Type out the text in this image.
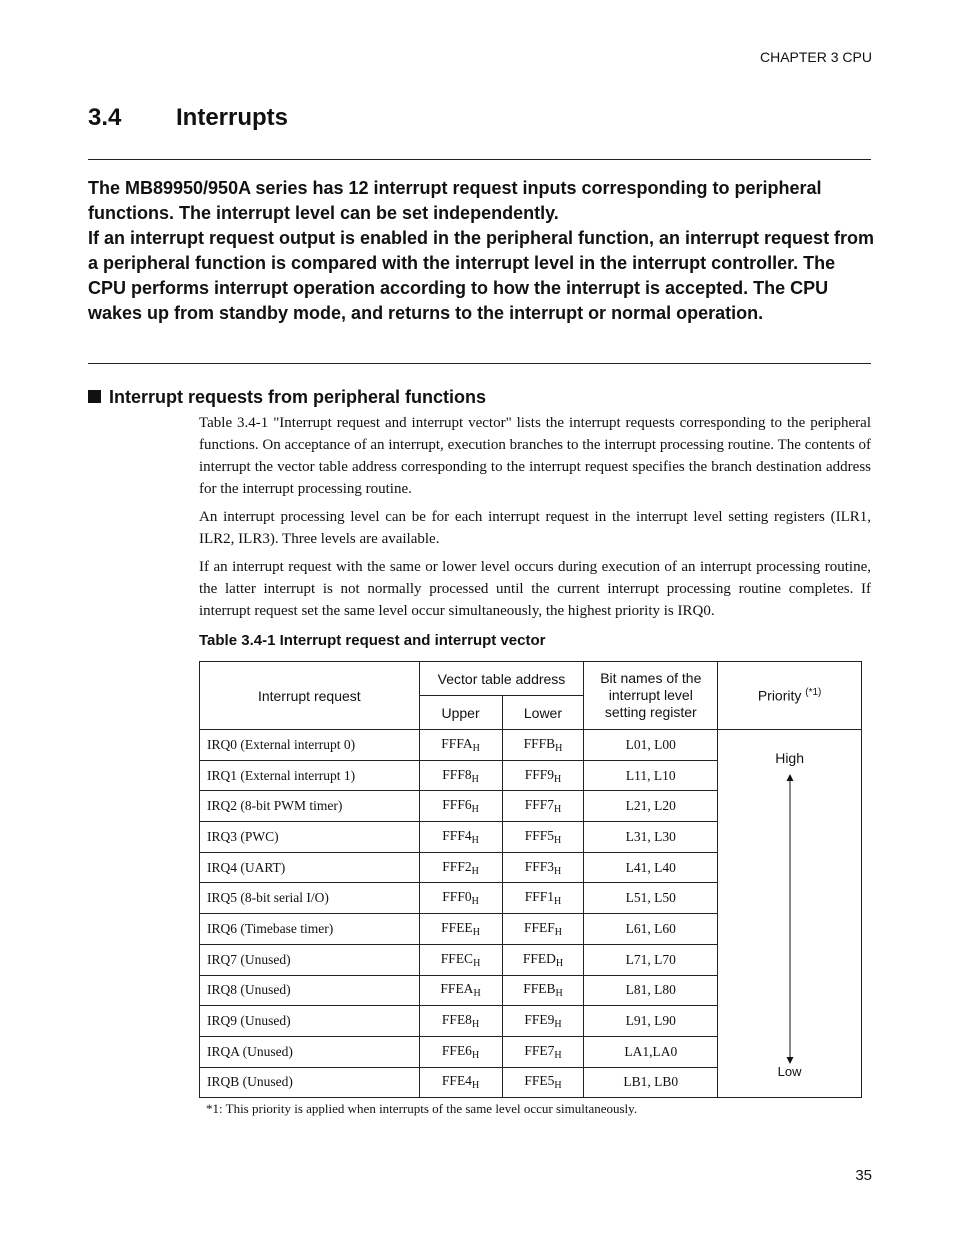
CHAPTER 3 CPU
3.4 Interrupts

The MB89950/950A series has 12 interrupt request inputs corresponding to peripheral functions. The interrupt level can be set independently.

If an interrupt request output is enabled in the peripheral function, an interrupt request from a peripheral function is compared with the interrupt level in the interrupt controller. The CPU performs interrupt operation according to how the interrupt is accepted. The CPU wakes up from standby mode, and returns to the interrupt or normal operation.

Interrupt requests from peripheral functions

Table 3.4-1 "Interrupt request and interrupt vector" lists the interrupt requests corresponding to the peripheral functions. On acceptance of an interrupt, execution branches to the interrupt processing routine. The contents of interrupt the vector table address corresponding to the interrupt request specifies the branch destination address for the interrupt processing routine.

An interrupt processing level can be for each interrupt request in the interrupt level setting registers (ILR1, ILR2, ILR3). Three levels are available.

If an interrupt request with the same or lower level occurs during execution of an interrupt processing routine, the latter interrupt is not normally processed until the current interrupt processing routine completes. If interrupt request set the same level occur simultaneously, the highest priority is IRQ0.

Table 3.4-1 Interrupt request and interrupt vector
Interrupt request	Vector table address		Bit names of the interrupt level setting register	Priority $^{(*1)}$
	Upper	Lower		
IRQ0 (External interrupt 0)	$FFFA_H$	$FFFB_H$	L01, L00	High
Low

IRQ1 (External interrupt 1)	$FFF8_H$	$FFF9_H$	L11, L10	
IRQ2 (8-bit PWM timer)	$FFF6_H$	$FFF7_H$	L21, L20	
IRQ3 (PWC)	$FFF4_H$	$FFF5_H$	L31, L30	
IRQ4 (UART)	$FFF2_H$	$FFF3_H$	L41, L40	
IRQ5 (8-bit serial I/O)	$FFF0_H$	$FFF1_H$	L51, L50	
IRQ6 (Timebase timer)	$FFEE_H$	$FFEF_H$	L61, L60	
IRQ7 (Unused)	$FFEC_H$	$FFED_H$	L71, L70	
IRQ8 (Unused)	$FFEA_H$	$FFEB_H$	L81, L80	
IRQ9 (Unused)	$FFE8_H$	$FFE9_H$	L91, L90	
IRQA (Unused)	$FFE6_H$	$FFE7_H$	LA1,LA0	
IRQB (Unused)	$FFE4_H$	$FFE5_H$	LB1, LB0	
*1: This priority is applied when interrupts of the same level occur simultaneously.
35
